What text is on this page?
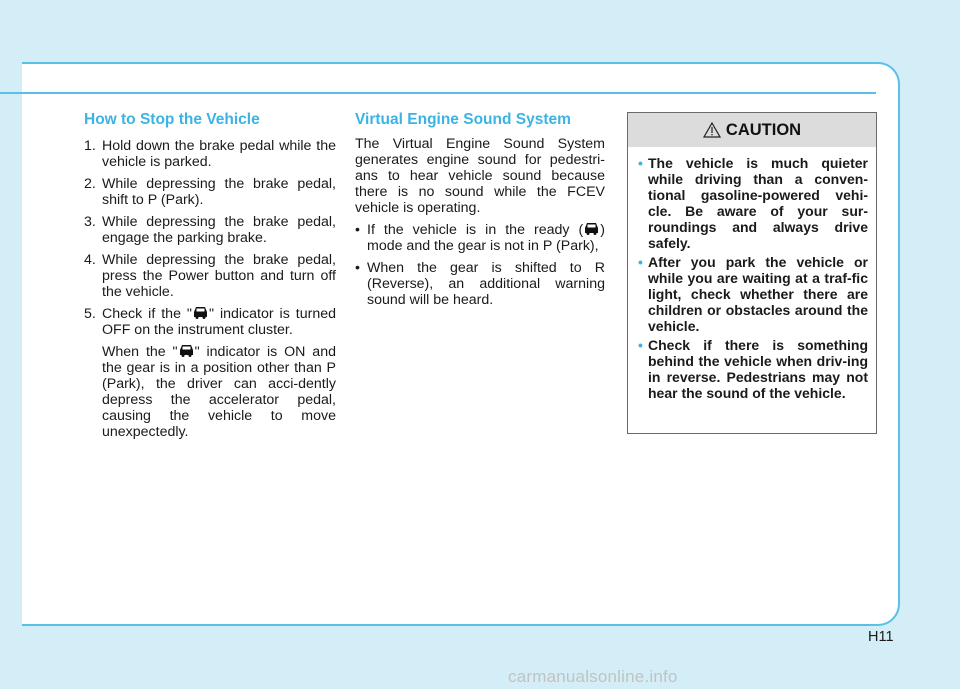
How to Stop the Vehicle
1. Hold down the brake pedal while the vehicle is parked.
2. While depressing the brake pedal, shift to P (Park).
3. While depressing the brake pedal, engage the parking brake.
4. While depressing the brake pedal, press the Power button and turn off the vehicle.
5. Check if the " " indicator is turned OFF on the instrument cluster.

When the " " indicator is ON and the gear is in a position other than P (Park), the driver can acci-dently depress the accelerator pedal, causing the vehicle to move unexpectedly.

Virtual Engine Sound System

The Virtual Engine Sound System generates engine sound for pedestri-ans to hear vehicle sound because there is no sound while the FCEV vehicle is operating.

• If the vehicle is in the ready ( ) mode and the gear is not in P (Park),
• When the gear is shifted to R (Reverse), an additional warning sound will be heard.
CAUTION
• The vehicle is much quieter while driving than a conven-tional gasoline-powered vehi-cle. Be aware of your sur-roundings and always drive safely.
• After you park the vehicle or while you are waiting at a traf-fic light, check whether there are children or obstacles around the vehicle.
• Check if there is something behind the vehicle when driv-ing in reverse. Pedestrians may not hear the sound of the vehicle.
H11
carmanualsonline.info
